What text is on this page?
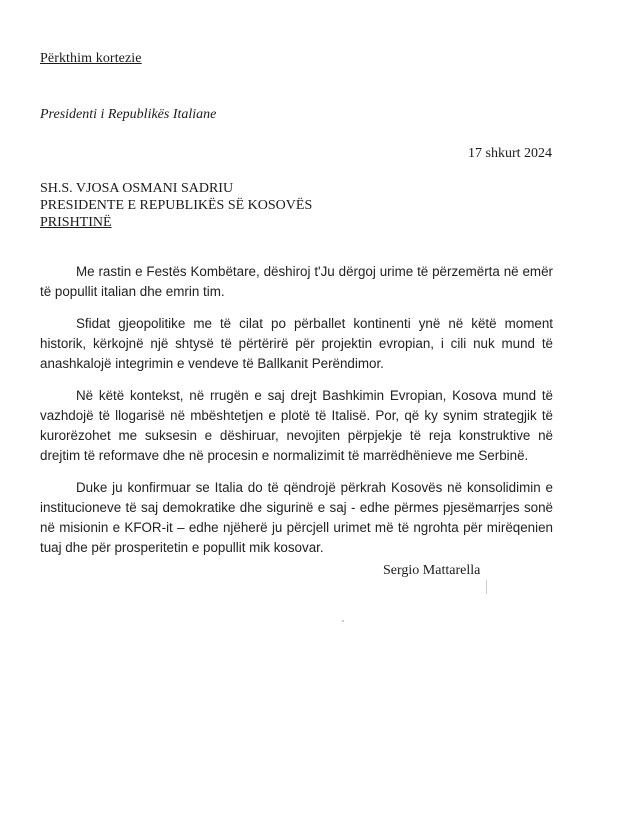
Përkthim kortezie
Presidenti i Republikës Italiane
17 shkurt 2024
SH.S. VJOSA OSMANI SADRIU
PRESIDENTE E REPUBLIKËS SË KOSOVËS
PRISHTINË

Me rastin e Festës Kombëtare, dëshiroj t'Ju dërgoj urime të përzemërta në emër të popullit italian dhe emrin tim.

Sfidat gjeopolitike me të cilat po përballet kontinenti ynë në këtë moment historik, kërkojnë një shtysë të përtërirë për projektin evropian, i cili nuk mund të anashkalojë integrimin e vendeve të Ballkanit Perëndimor.

Në këtë kontekst, në rrugën e saj drejt Bashkimin Evropian, Kosova mund të vazhdojë të llogarisë në mbështetjen e plotë të Italisë. Por, që ky synim strategjik të kurorëzohet me suksesin e dëshiruar, nevojiten përpjekje të reja konstruktive në drejtim të reformave dhe në procesin e normalizimit të marrëdhënieve me Serbinë.

Duke ju konfirmuar se Italia do të qëndrojë përkrah Kosovës në konsolidimin e institucioneve të saj demokratike dhe sigurinë e saj - edhe përmes pjesëmarrjes sonë në misionin e KFOR-it – edhe njëherë ju përcjell urimet më të ngrohta për mirëqenien tuaj dhe për prosperitetin e popullit mik kosovar.

Sergio Mattarella
